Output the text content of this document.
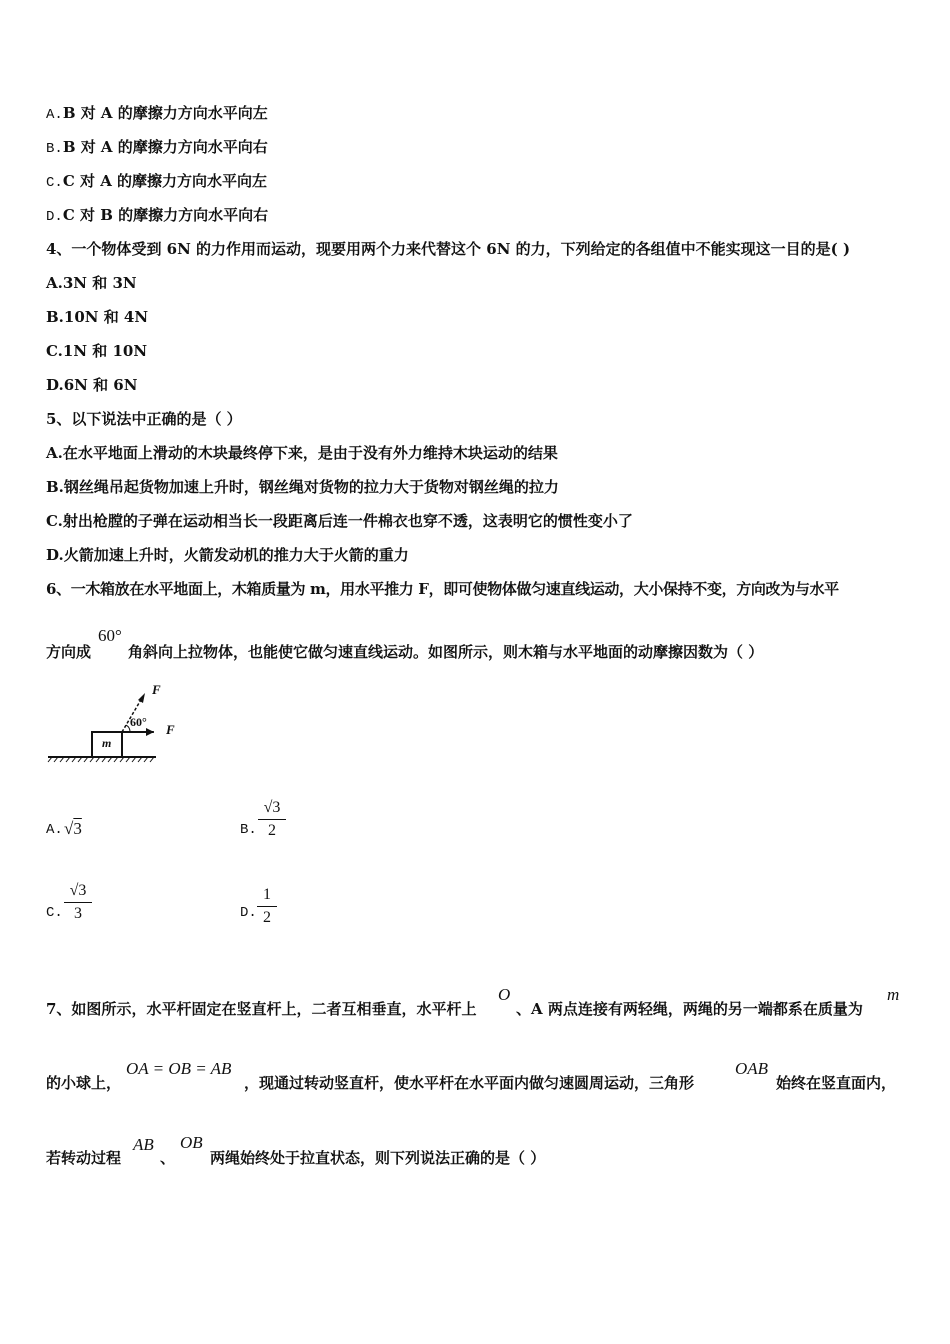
A.B 对 A 的摩擦力方向水平向左
B.B 对 A 的摩擦力方向水平向右
C.C 对 A 的摩擦力方向水平向左
D.C 对 B 的摩擦力方向水平向右
4、一个物体受到 6N 的力作用而运动，现要用两个力来代替这个 6N 的力，下列给定的各组值中不能实现这一目的是( )
A.3N 和 3N
B.10N 和 4N
C.1N 和 10N
D.6N 和 6N
5、以下说法中正确的是（ ）
A.在水平地面上滑动的木块最终停下来，是由于没有外力维持木块运动的结果
B.钢丝绳吊起货物加速上升时，钢丝绳对货物的拉力大于货物对钢丝绳的拉力
C.射出枪膛的子弹在运动相当长一段距离后连一件棉衣也穿不透，这表明它的惯性变小了
D.火箭加速上升时，火箭发动机的推力大于火箭的重力
6、一木箱放在水平地面上，木箱质量为 m，用水平推力 F，即可使物体做匀速直线运动，大小保持不变，方向改为与水平
方向成
60°
角斜向上拉物体，也能使它做匀速直线运动。如图所示，则木箱与水平地面的动摩擦因数为（ ）
F
F
60°
m
A. √3	B. $\frac{√3}{2}$
C. $\frac{√3}{3}$	D. $\frac{1}{2}$
7、如图所示，水平杆固定在竖直杆上，二者互相垂直，水平杆上
O
、A 两点连接有两轻绳，两绳的另一端都系在质量为
m
的小球上，
OA = OB = AB
，现通过转动竖直杆，使水平杆在水平面内做匀速圆周运动，三角形
OAB
始终在竖直面内，
若转动过程
AB
、
OB
两绳始终处于拉直状态，则下列说法正确的是（ ）
